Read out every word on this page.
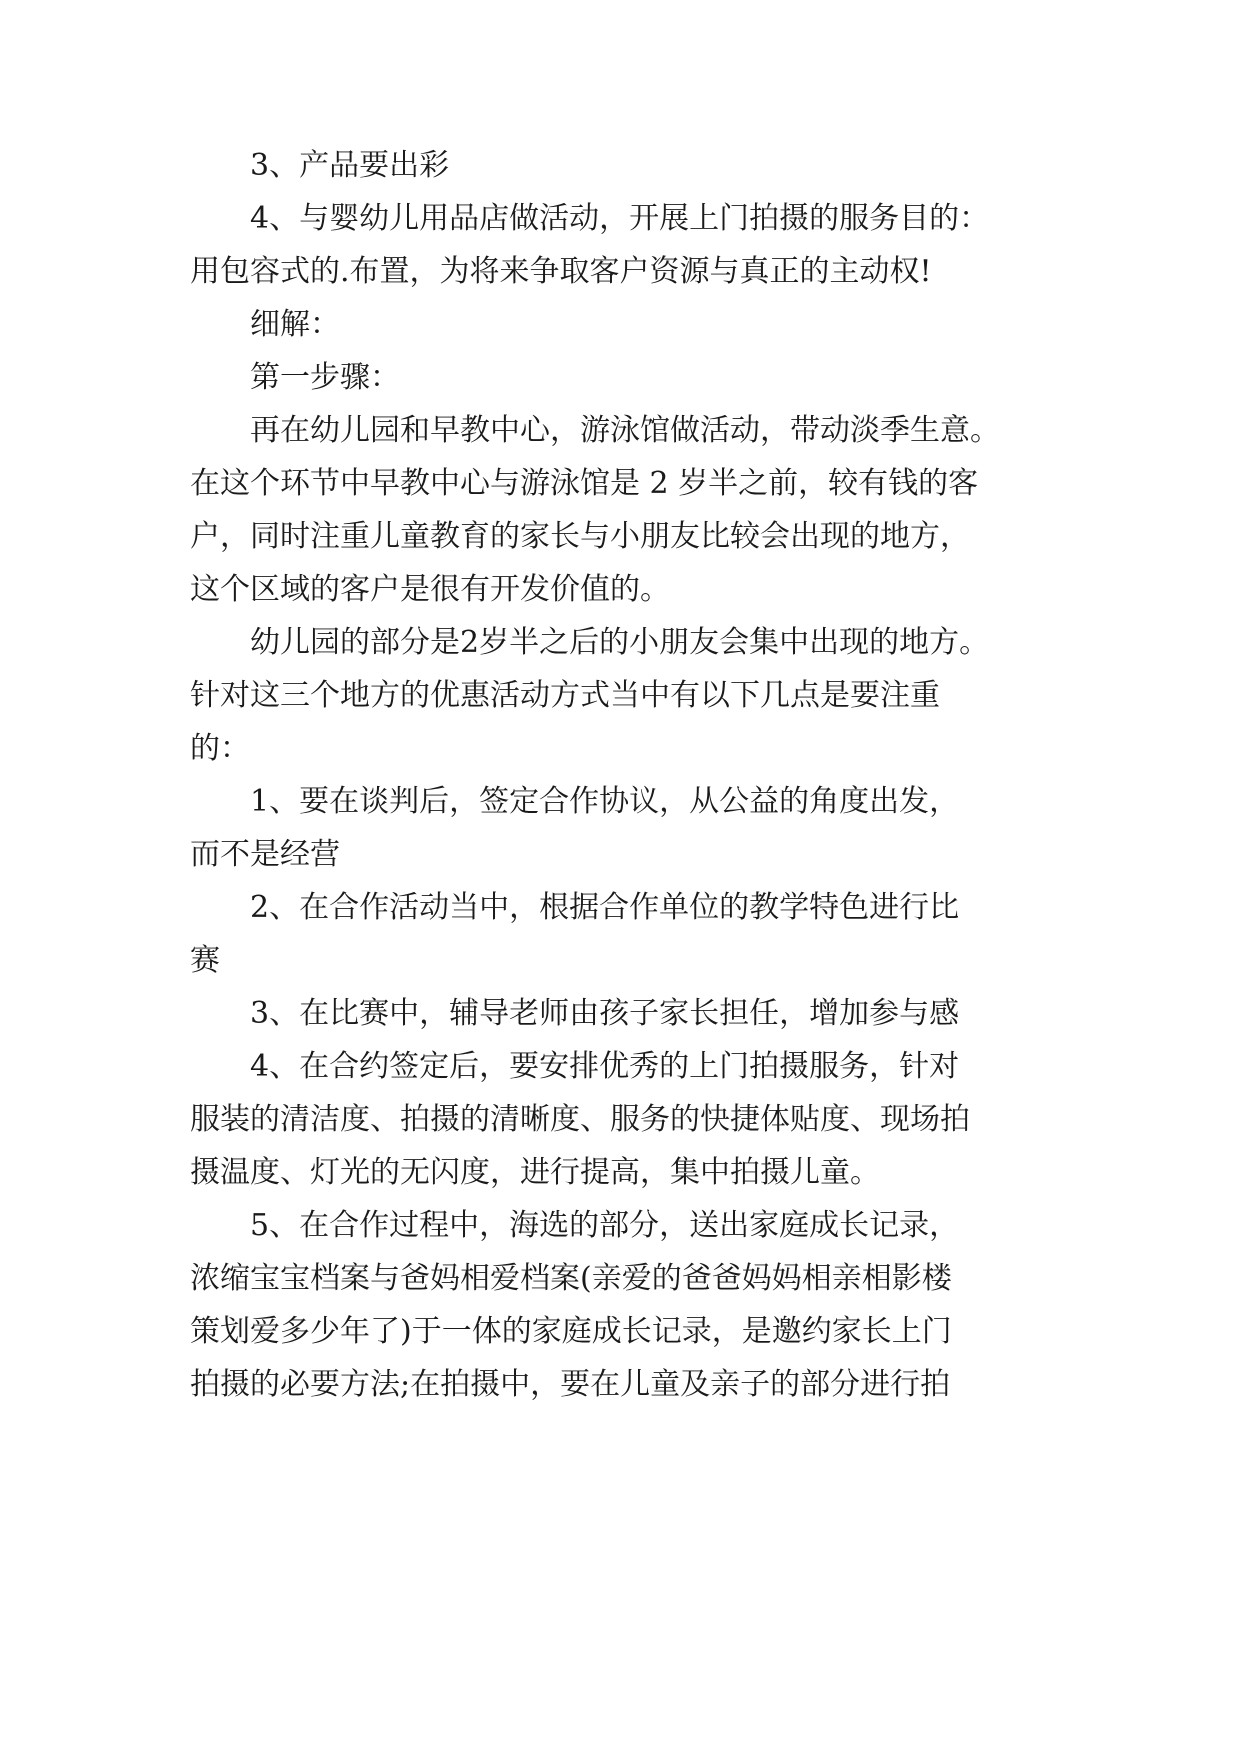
3、产品要出彩
4、与婴幼儿用品店做活动，开展上门拍摄的服务目的：
用包容式的.布置，为将来争取客户资源与真正的主动权!
细解：
第一步骤：
再在幼儿园和早教中心，游泳馆做活动，带动淡季生意。
在这个环节中早教中心与游泳馆是 2 岁半之前，较有钱的客
户，同时注重儿童教育的家长与小朋友比较会出现的地方，
这个区域的客户是很有开发价值的。
幼儿园的部分是2岁半之后的小朋友会集中出现的地方。
针对这三个地方的优惠活动方式当中有以下几点是要注重
的：
1、要在谈判后，签定合作协议，从公益的角度出发，
而不是经营
2、在合作活动当中，根据合作单位的教学特色进行比
赛
3、在比赛中，辅导老师由孩子家长担任，增加参与感
4、在合约签定后，要安排优秀的上门拍摄服务，针对
服装的清洁度、拍摄的清晰度、服务的快捷体贴度、现场拍
摄温度、灯光的无闪度，进行提高，集中拍摄儿童。
5、在合作过程中，海选的部分，送出家庭成长记录，
浓缩宝宝档案与爸妈相爱档案(亲爱的爸爸妈妈相亲相影楼
策划爱多少年了)于一体的家庭成长记录，是邀约家长上门
拍摄的必要方法;在拍摄中，要在儿童及亲子的部分进行拍
